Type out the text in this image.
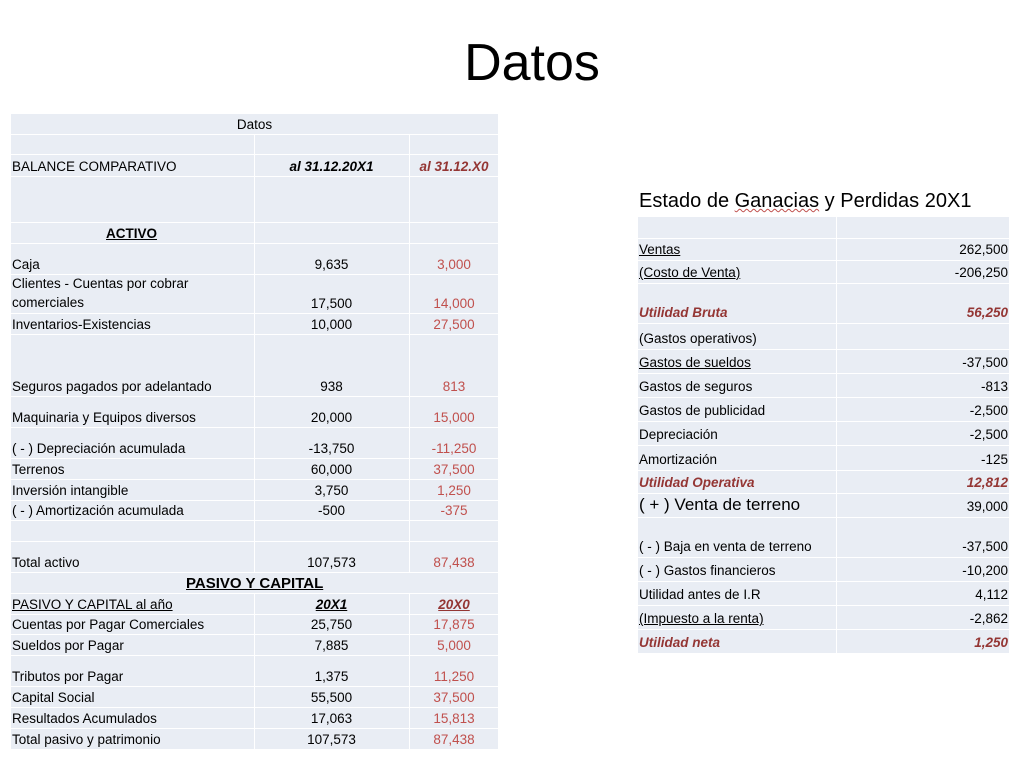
Datos
Datos
BALANCE COMPARATIVO	al 31.12.20X1	al 31.12.X0
ACTIVO
Caja	9,635	3,000
Clientes - Cuentas por cobrar comerciales	17,500	14,000
Inventarios-Existencias	10,000	27,500
Seguros pagados por adelantado	938	813
Maquinaria y Equipos diversos	20,000	15,000
( - ) Depreciación acumulada	-13,750	-11,250
Terrenos	60,000	37,500
Inversión intangible	3,750	1,250
( - ) Amortización acumulada	-500	-375
Total activo	107,573	87,438
PASIVO Y CAPITAL
PASIVO Y CAPITAL al año	20X1	20X0
Cuentas por Pagar Comerciales	25,750	17,875
Sueldos por Pagar	7,885	5,000
Tributos por Pagar	1,375	11,250
Capital Social	55,500	37,500
Resultados Acumulados	17,063	15,813
Total pasivo y patrimonio	107,573	87,438
Estado de Ganacias y Perdidas 20X1
Ventas	262,500
(Costo de Venta)	-206,250
Utilidad Bruta	56,250
(Gastos operativos)
Gastos de sueldos	-37,500
Gastos de seguros	-813
Gastos de publicidad	-2,500
Depreciación	-2,500
Amortización	-125
Utilidad Operativa	12,812
( + ) Venta de terreno	39,000
( - ) Baja en venta de terreno	-37,500
( - ) Gastos financieros	-10,200
Utilidad antes de I.R	4,112
(Impuesto a la renta)	-2,862
Utilidad neta	1,250
